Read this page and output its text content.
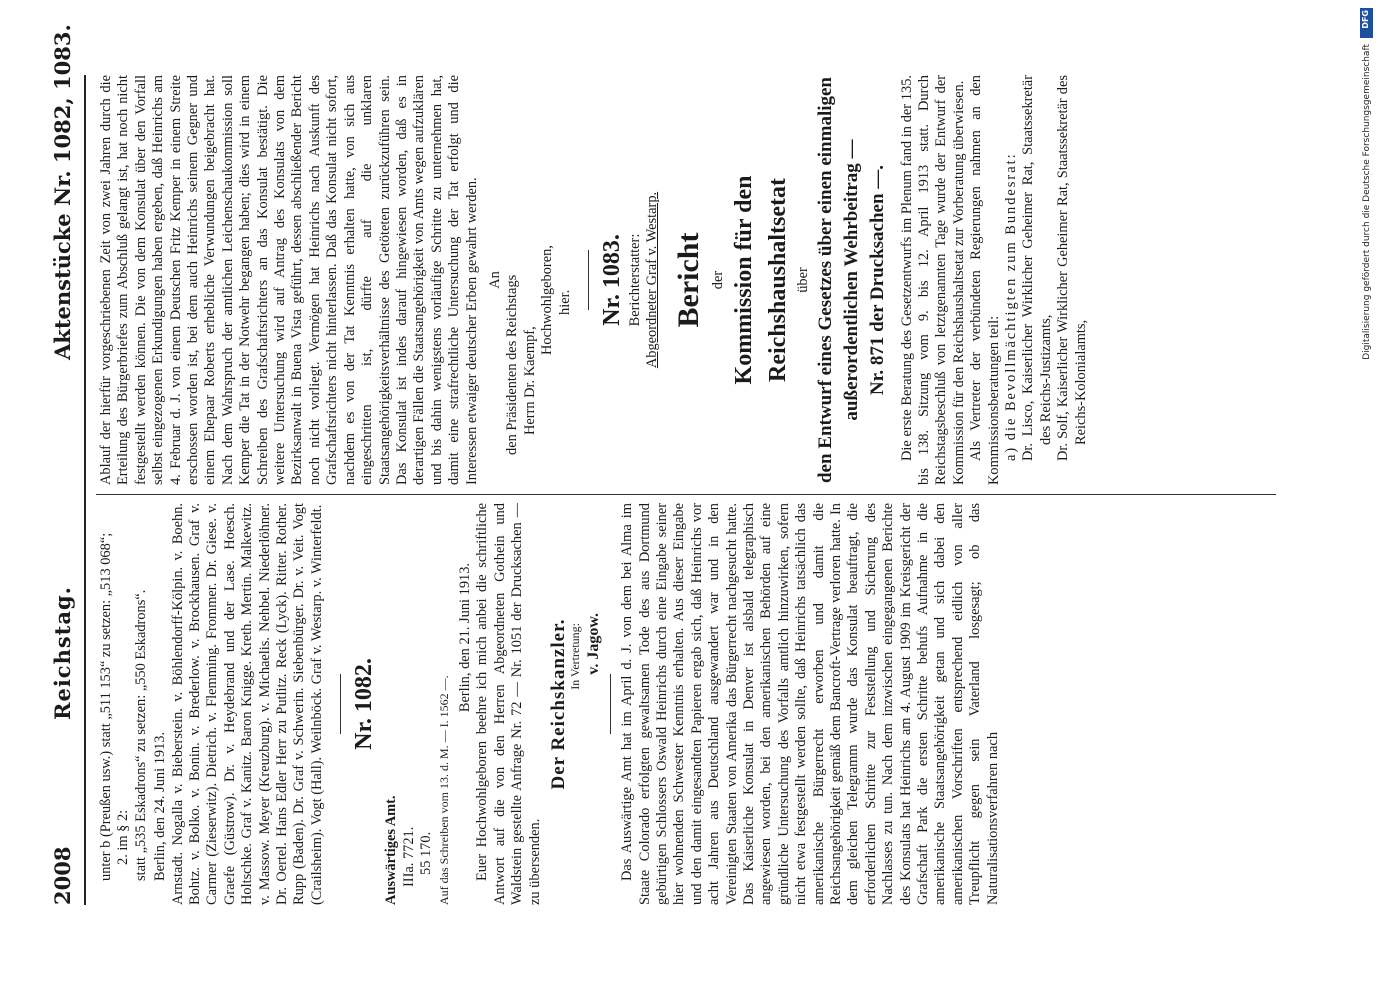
2008
Reichstag.
Aktenstücke Nr. 1082, 1083.

unter b (Preußen usw.) statt „511 153“ zu setzen: „513 068“; 2. im § 2: statt „535 Eskadrons“ zu setzen: „550 Eskadrons“. Berlin, den 24. Juni 1913. Arnstadt. Nogalla v. Bieberstein. v. Böhlendorff-Kölpin. v. Boehn. Bohtz. v. Bolko. v. Bonin. v. Brederlow. v. Brockhausen. Graf v. Carmer (Zieserwitz). Dietrich. v. Flemming. Frommer. Dr. Giese. v. Graefe (Güstrow). Dr. v. Heydebrand und der Lase. Hoesch. Holtschke. Graf v. Kanitz. Baron Knigge. Kreth. Mertin. Malkewitz. v. Massow. Meyer (Kreuzburg). v. Michaelis. Nehbel. Niederlöhner. Dr. Oertel. Hans Edler Herr zu Putlitz. Reck (Lyck). Ritter. Rother. Rupp (Baden). Dr. Graf v. Schwerin. Siebenbürger. Dr. v. Veit. Vogt (Crailsheim). Vogt (Hall). Weilnböck. Graf v. Westarp. v. Winterfeldt. Nr. 1082.

Auswärtiges Amt. IIIa. 7721. 55 170. Auf das Schreiben vom 13. d. M. — I. 1562 —.

Berlin, den 21. Juni 1913. Euer Hochwohlgeboren beehre ich mich anbei die schriftliche Antwort auf die von den Herren Abgeordneten Gothein und Waldstein gestellte Anfrage Nr. 72 — Nr. 1051 der Drucksachen — zu übersenden.

Der Reichskanzler. In Vertretung: v. Jagow. Das Auswärtige Amt hat im April d. J. von dem bei Alma im Staate Colorado erfolgten gewaltsamen Tode des aus Dortmund gebürtigen Schlossers Oswald Heinrichs durch eine Eingabe seiner hier wohnenden Schwester Kenntnis erhalten. Aus dieser Eingabe und den damit eingesandten Papieren ergab sich, daß Heinrichs vor acht Jahren aus Deutschland ausgewandert war und in den Vereinigten Staaten von Amerika das Bürgerrecht nachgesucht hatte. Das Kaiserliche Konsulat in Denver ist alsbald telegraphisch angewiesen worden, bei den amerikanischen Behörden auf eine gründliche Untersuchung des Vorfalls amtlich hinzuwirken, sofern nicht etwa festgestellt werden sollte, daß Heinrichs tatsächlich das amerikanische Bürgerrecht erworben und damit die Reichsangehörigkeit gemäß dem Bancroft-Vertrage verloren hatte. In dem gleichen Telegramm wurde das Konsulat beauftragt, die erforderlichen Schritte zur Feststellung und Sicherung des Nachlasses zu tun. Nach dem inzwischen eingegangenen Berichte des Konsulats hat Heinrichs am 4. August 1909 im Kreisgericht der Grafschaft Park die ersten Schritte behufs Aufnahme in die amerikanische Staatsangehörigkeit getan und sich dabei den amerikanischen Vorschriften entsprechend eidlich von aller Treupflicht gegen sein Vaterland losgesagt; ob das Naturalisationsverfahren nach

Ablauf der hierfür vorgeschriebenen Zeit von zwei Jahren durch die Erteilung des Bürgerbriefes zum Abschluß gelangt ist, hat noch nicht festgestellt werden können. Die von dem Konsulat über den Vorfall selbst eingezogenen Erkundigungen haben ergeben, daß Heinrichs am 4. Februar d. J. von einem Deutschen Fritz Kemper in einem Streite erschossen worden ist, bei dem auch Heinrichs seinem Gegner und einem Ehepaar Roberts erhebliche Verwundungen beigebracht hat. Nach dem Wahrspruch der amtlichen Leichenschaukommission soll Kemper die Tat in der Notwehr begangen haben; dies wird in einem Schreiben des Grafschaftsrichters an das Konsulat bestätigt. Die weitere Untersuchung wird auf Antrag des Konsulats von dem Bezirksanwalt in Buena Vista geführt, dessen abschließender Bericht noch nicht vorliegt. Vermögen hat Heinrichs nach Auskunft des Grafschaftsrichters nicht hinterlassen. Daß das Konsulat nicht sofort, nachdem es von der Tat Kenntnis erhalten hatte, von sich aus eingeschritten ist, dürfte auf die unklaren Staatsangehörigkeitsverhältnisse des Getöteten zurückzuführen sein. Das Konsulat ist indes darauf hingewiesen worden, daß es in derartigen Fällen die Staatsangehörigkeit von Amts wegen aufzuklären und bis dahin wenigstens vorläufige Schritte zu unternehmen hat, damit eine strafrechtliche Untersuchung der Tat erfolgt und die Interessen etwaiger deutscher Erben gewahrt werden. An den Präsidenten des Reichstags Herrn Dr. Kaempf,

Hochwohlgeboren, hier. Nr. 1083. Berichterstatter: Abgeordneter Graf v. Westarp. Bericht der Kommission für den Reichshaushaltsetat über den Entwurf eines Gesetzes über einen einmaligen außerordentlichen Wehrbeitrag — Nr. 871 der Drucksachen —. Die erste Beratung des Gesetzentwurfs im Plenum fand in der 135. bis 138. Sitzung vom 9. bis 12. April 1913 statt. Durch Reichstagsbeschluß von letztgenannten Tage wurde der Entwurf der Kommission für den Reichshaushaltsetat zur Vorberatung überwiesen. Als Vertreter der verbündeten Regierungen nahmen an den Kommissionsberatungen teil: a) die Bevollmächtigten zum Bundesrat: Dr. Lisco, Kaiserlicher Wirklicher Geheimer Rat, Staatssekretär des Reichs-Justizamts, Dr. Solf, Kaiserlicher Wirklicher Geheimer Rat, Staatssekretär des Reichs-Kolonialamts,

DFG
Digitalisierung gefördert durch die Deutsche Forschungsgemeinschaft
